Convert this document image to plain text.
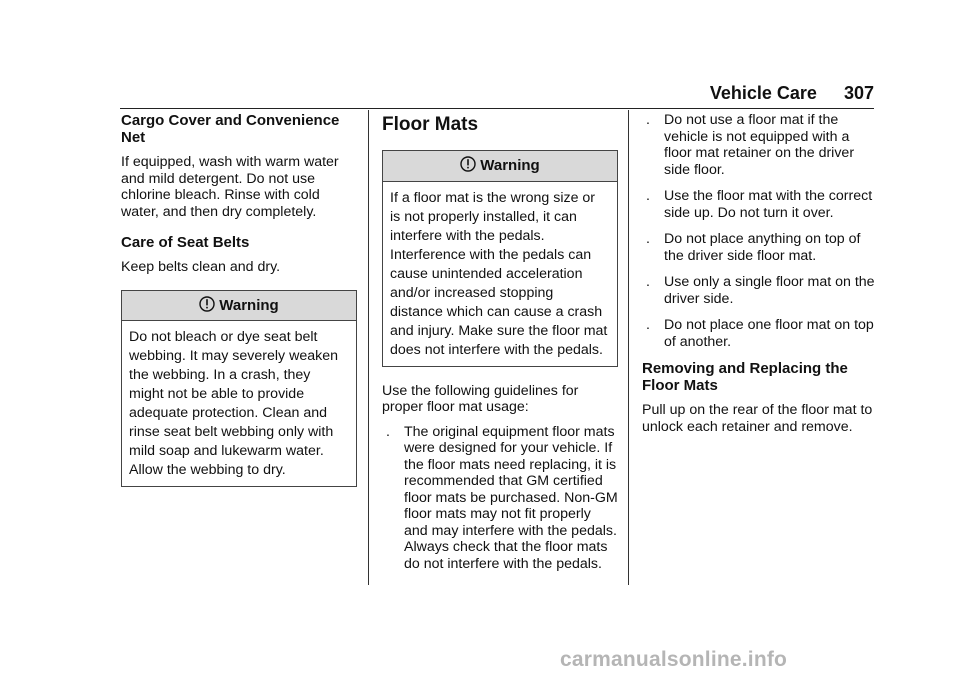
Vehicle Care 307
Cargo Cover and Convenience Net

If equipped, wash with warm water and mild detergent. Do not use chlorine bleach. Rinse with cold water, and then dry completely.

Care of Seat Belts

Keep belts clean and dry.

Warning
Do not bleach or dye seat belt webbing. It may severely weaken the webbing. In a crash, they might not be able to provide adequate protection. Clean and rinse seat belt webbing only with mild soap and lukewarm water. Allow the webbing to dry.
Floor Mats
Warning
If a floor mat is the wrong size or is not properly installed, it can interfere with the pedals. Interference with the pedals can cause unintended acceleration and/or increased stopping distance which can cause a crash and injury. Make sure the floor mat does not interfere with the pedals.

Use the following guidelines for proper floor mat usage:

. The original equipment floor mats were designed for your vehicle. If the floor mats need replacing, it is recommended that GM certified floor mats be purchased. Non-GM floor mats may not fit properly and may interfere with the pedals. Always check that the floor mats do not interfere with the pedals.
. Do not use a floor mat if the vehicle is not equipped with a floor mat retainer on the driver side floor.
. Use the floor mat with the correct side up. Do not turn it over.
. Do not place anything on top of the driver side floor mat.
. Use only a single floor mat on the driver side.
. Do not place one floor mat on top of another.
Removing and Replacing the Floor Mats

Pull up on the rear of the floor mat to unlock each retainer and remove.

carmanualsonline.info
